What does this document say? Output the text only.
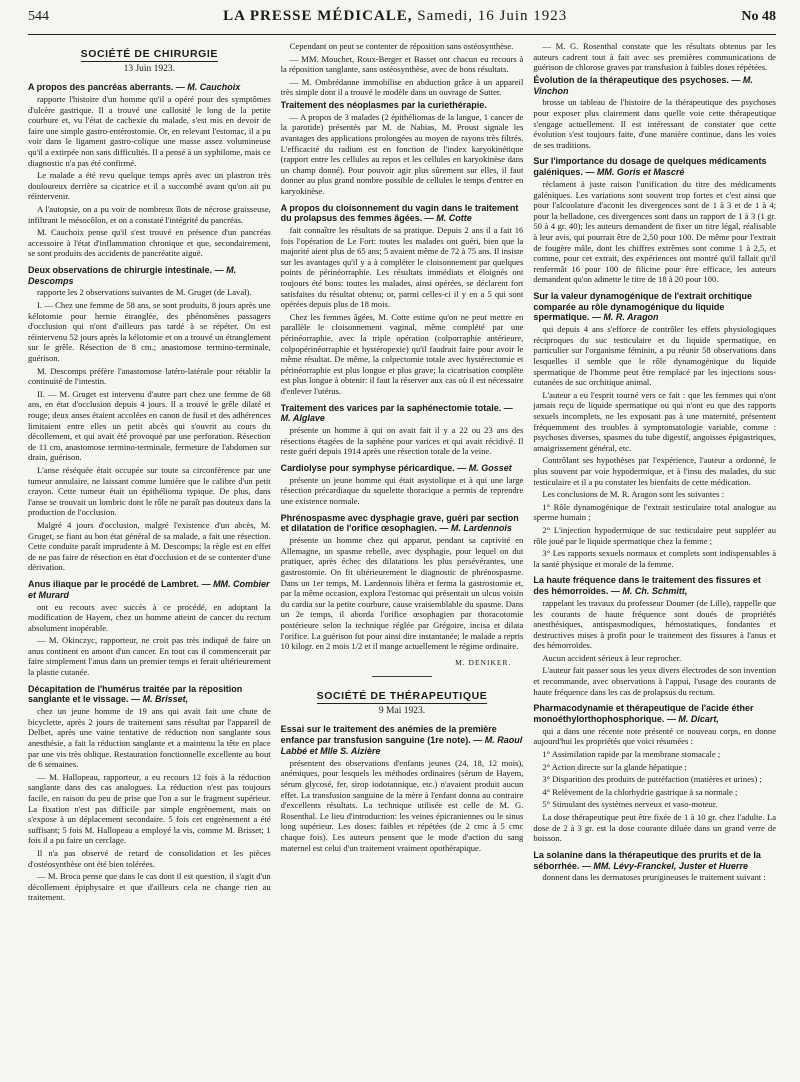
544	LA PRESSE MÉDICALE, Samedi, 16 Juin 1923	No 48
SOCIÉTÉ DE CHIRURGIE
13 Juin 1923.
A propos des pancréas aberrants. — M. Cauchoix

rapporte l'histoire d'un homme qu'il a opéré pour des symptômes d'ulcère gastrique. Il a trouvé une callosité le long de la petite courbure et, vu l'état de cachexie du malade, s'est mis en devoir de faire une simple gastro-entérostomie. Or, en relevant l'estomac, il a pu voir dans le ligament gastro-colique une masse assez volumineuse qu'il a extirpée non sans difficultés. Il a pensé à un syphilome, mais ce diagnostic n'a pas été confirmé.

Le malade a été revu quelque temps après avec un plastron très douloureux derrière sa cicatrice et il a succombé avant qu'on ait pu réintervenir.

A l'autopsie, on a pu voir de nombreux îlots de nécrose graisseuse, infiltrant le mésocôlon, et on a constaté l'intégrité du pancréas.

M. Cauchoix pense qu'il s'est trouvé en présence d'un pancréas accessoire à l'état d'inflammation chronique et que, secondairement, se sont produits des accidents de pancréatite aiguë.

Deux observations de chirurgie intestinale. — M. Descomps

rapporte les 2 observations suivantes de M. Gruget (de Laval).

I. — Chez une femme de 58 ans, se sont produits, 8 jours après une kélotomie pour hernie étranglée, des phénomènes passagers d'occlusion qui n'ont d'ailleurs pas tardé à se répéter. On est réintervenu 52 jours après la kélotomie et on a trouvé un étranglement sur le grêle. Résection de 8 cm.; anastomose termino-terminale, guérison.

M. Descomps préfère l'anastomose latéro-latérale pour rétablir la continuité de l'intestin.

II. — M. Gruget est intervenu d'autre part chez une femme de 68 ans, en état d'occlusion depuis 4 jours. Il a trouvé le grêle dilaté et rouge; deux anses étaient accolées en canon de fusil et des adhérences limitaient entre elles un petit abcès qui s'ouvrit au cours du décollement, et qui avait été provoqué par une perforation. Résection de 11 cm, anastomose termino-terminale, fermeture de l'abdomen sur drain, guérison.

L'anse réséquée était occupée sur toute sa circonférence par une tumeur annulaire, ne laissant comme lumière que le calibre d'un petit crayon. Cette tumeur était un épithélioma typique. De plus, dans l'anse se trouvait un lombric dont le rôle ne paraît pas douteux dans la production de l'occlusion.

Malgré 4 jours d'occlusion, malgré l'existence d'un abcès, M. Gruget, se fiant au bon état général de sa malade, a fait une résection. Cette conduite paraît imprudente à M. Descomps; la règle est en effet de ne pas faire de résection en état d'occlusion et de se contenter d'une dérivation.

Anus iliaque par le procédé de Lambret. — MM. Combier et Murard

ont eu recours avec succès à ce procédé, en adoptant la modification de Hayem, chez un homme atteint de cancer du rectum absolument inopérable.

— M. Okinczyc, rapporteur, ne croit pas très indiqué de faire un anus continent en amont d'un cancer. En tout cas il commencerait par faire simplement l'anus dans un premier temps et ferait ultérieurement la plastie cutanée.

Décapitation de l'humérus traitée par la réposition sanglante et le vissage. — M. Brisset,

chez un jeune homme de 19 ans qui avait fait une chute de bicyclette, après 2 jours de traitement sans résultat par l'appareil de Delbet, après une vaine tentative de réduction non sanglante sous anesthésie, a fait la réduction sanglante et a maintenu la tête en place par une vis très oblique. Restauration fonctionnelle excellente au bout de 6 semaines.

— M. Hallopeau, rapporteur, a eu recours 12 fois à la réduction sanglante dans des cas analogues. La réduction n'est pas toujours facile, en raison du peu de prise que l'on a sur le fragment supérieur. La fixation n'est pas difficile par simple engrènement, mais on s'expose à un déplacement secondaire. 5 fois cet engrènement a été suffisant; 5 fois M. Hallopeau a employé la vis, comme M. Brisset; 1 fois il a pu faire un cerclage.

Il n'a pas observé de retard de consolidation et les pièces d'ostéosynthèse ont été bien tolérées.

— M. Broca pense que dans le cas dont il est question, il s'agit d'un décollement épiphysaire et que d'ailleurs cela ne change rien au traitement.

Cependant on peut se contenter de réposition sans ostéosynthèse.

— MM. Mouchet, Roux-Berger et Basset ont chacun eu recours à la réposition sanglante, sans ostéosynthèse, avec de bons résultats.

— M. Ombrédanne immobilise en abduction grâce à un appareil très simple dont il a trouvé le modèle dans un ouvrage de Sutter.

Traitement des néoplasmes par la curiethérapie.

— A propos de 3 malades (2 épithéliomas de la langue, 1 cancer de la parotide) présentés par M. de Nabias, M. Proust signale les avantages des applications prolongées au moyen de rayons très filtrés. L'efficacité du radium est en fonction de l'index karyokinétique (rapport entre les cellules au repos et les cellules en karyokinèse dans un champ donné). Pour pouvoir agir plus sûrement sur elles, il faut donner au plus grand nombre possible de cellules le temps d'entrer en karyokinèse.

A propos du cloisonnement du vagin dans le traitement du prolapsus des femmes âgées. — M. Cotte

fait connaître les résultats de sa pratique. Depuis 2 ans il a fait 16 fois l'opération de Le Fort: toutes les malades ont guéri, bien que la majorité aient plus de 65 ans; 5 avaient même de 72 à 75 ans. Il insiste sur les avantages qu'il y a à compléter le cloisonnement par quelques points de périnéorraphie. Les résultats immédiats et éloignés ont toujours été bons: toutes les malades, ainsi opérées, se déclarent fort satisfaites du résultat obtenu; or, parmi celles-ci il y en a 5 qui sont opérées depuis plus de 18 mois.

Chez les femmes âgées, M. Cotte estime qu'on ne peut mettre en parallèle le cloisonnement vaginal, même complété par une périnéorraphie, avec la triple opération (colporraphie antérieure, colpopérinéorraphie et hystéropexie) qu'il faudrait faire pour avoir le même résultat. De même, la colpectomie totale avec hystérectomie et périnéorraphie est plus longue et plus grave; la cicatrisation complète est plus longue à obtenir: il faut la réserver aux cas où il est nécessaire d'enlever l'utérus.

Traitement des varices par la saphénectomie totale. — M. Alglave

présente un homme à qui on avait fait il y a 22 ou 23 ans des résections étagées de la saphène pour varices et qui avait récidivé. Il reste guéri depuis 1914 après une résection totale de la veine.

Cardiolyse pour symphyse péricardique. — M. Gosset

présente un jeune homme qui était asystolique et à qui une large résection précardiaque du squelette thoracique a permis de reprendre une existence normale.

Phrénospasme avec dysphagie grave, guéri par section et dilatation de l'orifice œsophagien. — M. Lardennois

présente un homme chez qui apparut, pendant sa captivité en Allemagne, un spasme rebelle, avec dysphagie, pour lequel on dut pratiquer, après échec des dilatations les plus persévérantes, une gastrostomie. On fit ultérieurement le diagnostic de phrénospasme. Dans un 1er temps, M. Lardennois libéra et ferma la gastrostomie et, par la même occasion, explora l'estomac qui présentait un ulcus voisin du cardia sur la petite courbure, cause vraisemblable du spasme. Dans un 2e temps, il aborda l'orifice œsophagien par thoracotomie postérieure selon la technique réglée par Grégoire, incisa et dilata l'orifice. La guérison fut pour ainsi dire instantanée; le malade a repris 10 kilogr. en 2 mois 1/2 et il mange actuellement le régime ordinaire.

M. DENIKER.
SOCIÉTÉ DE THÉRAPEUTIQUE
9 Mai 1923.
Essai sur le traitement des anémies de la première enfance par transfusion sanguine (1re note). — M. Raoul Labbé et Mlle S. Aizière

présentent des observations d'enfants jeunes (24, 18, 12 mois), anémiques, pour lesquels les méthodes ordinaires (sérum de Hayem, sérum glycosé, fer, sirop iodotannique, etc.) n'avaient produit aucun effet. La transfusion sanguine de la mère à l'enfant donna au contraire d'excellents résultats. La technique utilisée est celle de M. G. Rosenthal. Le lieu d'introduction: les veines épicraniennes ou le sinus long supérieur. Les doses: faibles et répétées (de 2 cmc à 5 cmc chaque fois). Les auteurs pensent que le mode d'action du sang maternel est celui d'un traitement vraiment opothérapique.

— M. G. Rosenthal constate que les résultats obtenus par les auteurs cadrent tout à fait avec ses premières communications de guérison de chlorose graves par transfusion à faibles doses répétées.

Évolution de la thérapeutique des psychoses. — M. Vinchon

brosse un tableau de l'histoire de la thérapeutique des psychoses pour exposer plus clairement dans quelle voie cette thérapeutique s'engage actuellement. Il est intéressant de constater que cette évolution s'est toujours faite, d'une manière continue, dans les voies de ses traditions.

Sur l'importance du dosage de quelques médicaments galéniques. — MM. Goris et Mascré

réclament à juste raison l'unification du titre des médicaments galéniques. Les variations sont souvent trop fortes et c'est ainsi que pour l'alcoolature d'aconit les divergences sont de 1 à 3 et de 1 à 4; pour la belladone, ces divergences sont dans un rapport de 1 à 3 (1 gr. 50 à 4 gr. 40); les auteurs demandent de fixer un titre légal, réalisable à leur avis, qui pourrait être de 2,50 pour 100. De même pour l'extrait de fougère mâle, dont les chiffres extrêmes sont comme 1 à 2,5, et comme, pour cet extrait, des expériences ont montré qu'il fallait qu'il renfermât 16 pour 100 de filicine pour être efficace, les auteurs demandent qu'on admette le titre de 18 à 20 pour 100.

Sur la valeur dynamogénique de l'extrait orchitique comparée au rôle dynamogénique du liquide spermatique. — M. R. Aragon

qui depuis 4 ans s'efforce de contrôler les effets physiologiques réciproques du suc testiculaire et du liquide spermatique, en particulier sur l'organisme féminin, a pu réunir 58 observations dans lesquelles il semble que le rôle dynamogénique du liquide spermatique de l'homme peut être remplacé par les injections sous-cutanées de suc orchitique animal.

L'auteur a eu l'esprit tourné vers ce fait : que les femmes qui n'ont jamais reçu de liquide spermatique ou qui n'ont eu que des rapports sexuels incomplets, ne les exposant pas à une maternité, présentent fréquemment des troubles à symptomatologie variable, comme : psychoses diverses, spasmes du tube digestif, angoisses épigastriques, amaigrissement général, etc.

Contrôlant ses hypothèses par l'expérience, l'auteur a ordonné, le plus souvent par voie hypodermique, et à l'insu des malades, du suc testiculaire et il a pu constater les bienfaits de cette médication.

Les conclusions de M. R. Aragon sont les suivantes :

1° Rôle dynamogénique de l'extrait testiculaire total analogue au sperme humain ;

2° L'injection hypodermique de suc testiculaire peut suppléer au rôle joué par le liquide spermatique chez la femme ;

3° Les rapports sexuels normaux et complets sont indispensables à la santé physique et morale de la femme.

La haute fréquence dans le traitement des fissures et des hémorroïdes. — M. Ch. Schmitt,

rappelant les travaux du professeur Doumer (de Lille), rappelle que les courants de haute fréquence sont doués de propriétés anesthésiques, antispasmodiques, hémostatiques, fondantes et destructives mises à profit pour le traitement des fissures à l'anus et des hémorroïdes.

Aucun accident sérieux à leur reprocher.

L'auteur fait passer sous les yeux divers électrodes de son invention et recommande, avec observations à l'appui, l'usage des courants de haute fréquence dans les cas de prolapsus du rectum.

Pharmacodynamie et thérapeutique de l'acide éther monoéthylorthophosphorique. — M. Dicart,

qui a dans une récente note présenté ce nouveau corps, en donne aujourd'hui les propriétés que voici résumées :

1° Assimilation rapide par la membrane stomacale ;

2° Action directe sur la glande hépatique ;

3° Disparition des produits de putréfaction (matières et urines) ;

4° Relèvement de la chlorhydrie gastrique à sa normale ;

5° Stimulant des systèmes nerveux et vaso-moteur.

La dose thérapeutique peut être fixée de 1 à 10 gr. chez l'adulte. La dose de 2 à 3 gr. est la dose courante diluée dans un grand verre de boisson.

La solanine dans la thérapeutique des prurits et de la séborrhée. — MM. Lévy-Franckel, Juster et Huerre

donnent dans les dermatoses prurigineuses le traitement suivant :
